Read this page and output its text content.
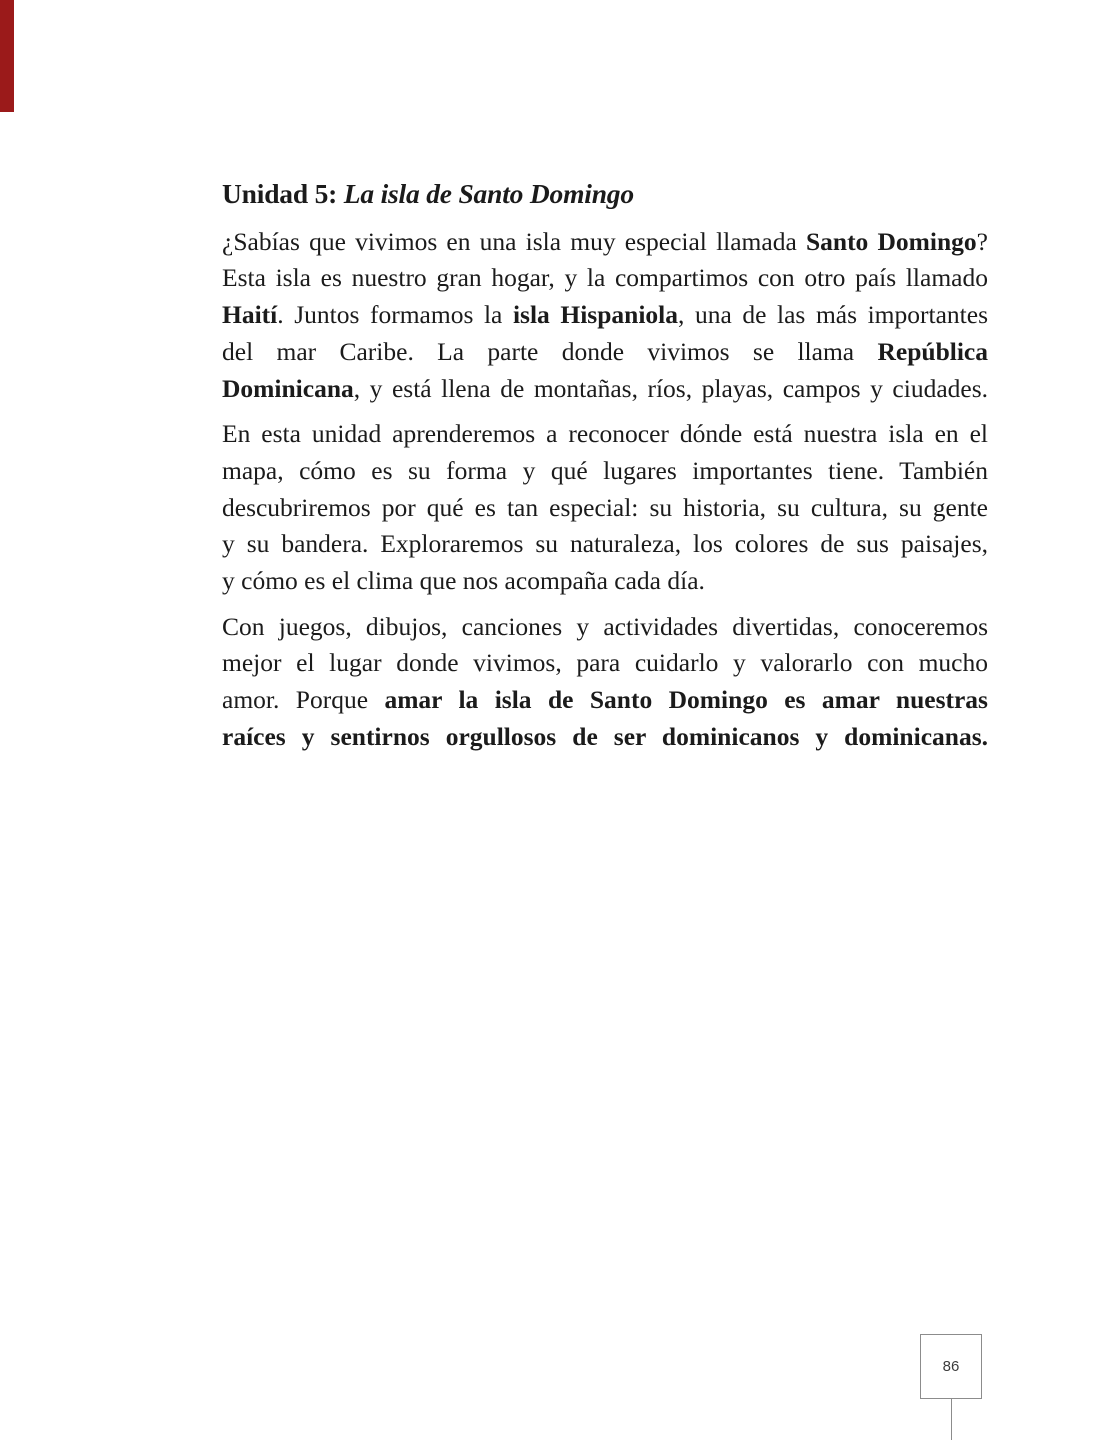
Unidad 5: La isla de Santo Domingo
¿Sabías que vivimos en una isla muy especial llamada Santo Domingo?
Esta isla es nuestro gran hogar, y la compartimos con otro país llamado
Haití. Juntos formamos la isla Hispaniola, una de las más importantes
del mar Caribe. La parte donde vivimos se llama República
Dominicana, y está llena de montañas, ríos, playas, campos y ciudades.
En esta unidad aprenderemos a reconocer dónde está nuestra isla en el
mapa, cómo es su forma y qué lugares importantes tiene. También
descubriremos por qué es tan especial: su historia, su cultura, su gente
y su bandera. Exploraremos su naturaleza, los colores de sus paisajes,
y cómo es el clima que nos acompaña cada día.
Con juegos, dibujos, canciones y actividades divertidas, conoceremos
mejor el lugar donde vivimos, para cuidarlo y valorarlo con mucho
amor. Porque amar la isla de Santo Domingo es amar nuestras
raíces y sentirnos orgullosos de ser dominicanos y dominicanas.
86
